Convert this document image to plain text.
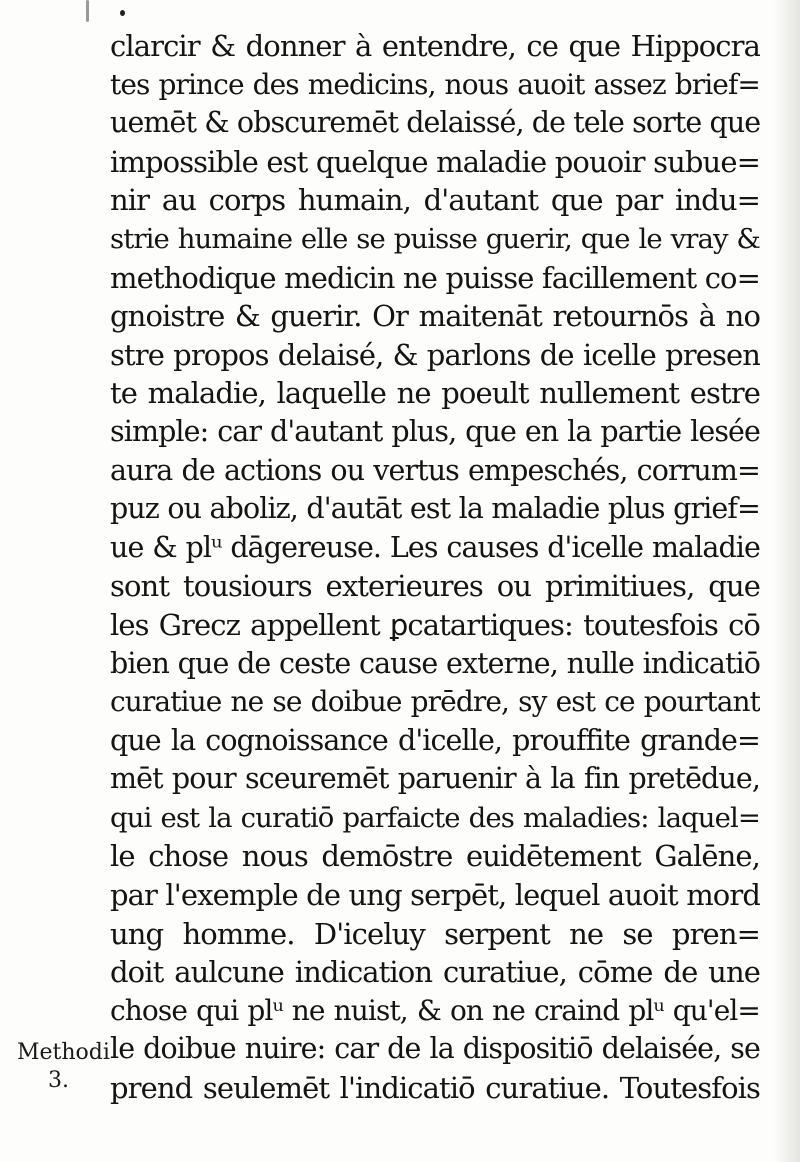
clarcir & donner à entendre, ce que Hippocra
tes prince des medicins, nous auoit assez brief=
uemēt & obscuremēt delaissé, de tele sorte que
impossible est quelque maladie pouoir subue=
nir au corps humain, d'autant que par indu=
strie humaine elle se puisse guerir, que le vray &
methodique medicin ne puisse facillement co=
gnoistre & guerir. Or maitenāt retournōs à no
stre propos delaisé, & parlons de icelle presen
te maladie, laquelle ne poeult nullement estre
simple: car d'autant plus, que en la partie lesée
aura de actions ou vertus empeschés, corrum=
puz ou aboliz, d'autāt est la maladie plus grief=
ue & plᵘ dāgereuse. Les causes d'icelle maladie
sont tousiours exterieures ou primitiues, que
les Grecz appellent ꝑcatartiques: toutesfois cō
bien que de ceste cause externe, nulle indicatiō
curatiue ne se doibue prēdre, sy est ce pourtant
que la cognoissance d'icelle, prouffite grande=
mēt pour sceuremēt paruenir à la fin pretēdue,
qui est la curatiō parfaicte des maladies: laquel=
le chose nous demōstre euidētement Galēne,
par l'exemple de ung serpēt, lequel auoit mord
ung homme. D'iceluy serpent ne se pren=
doit aulcune indication curatiue, cōme de une
chose qui plᵘ ne nuist, & on ne craind plᵘ qu'el=
le doibue nuire: car de la dispositiō delaisée, se
prend seulemēt l'indicatiō curatiue. Toutesfois
Methodi
3.
